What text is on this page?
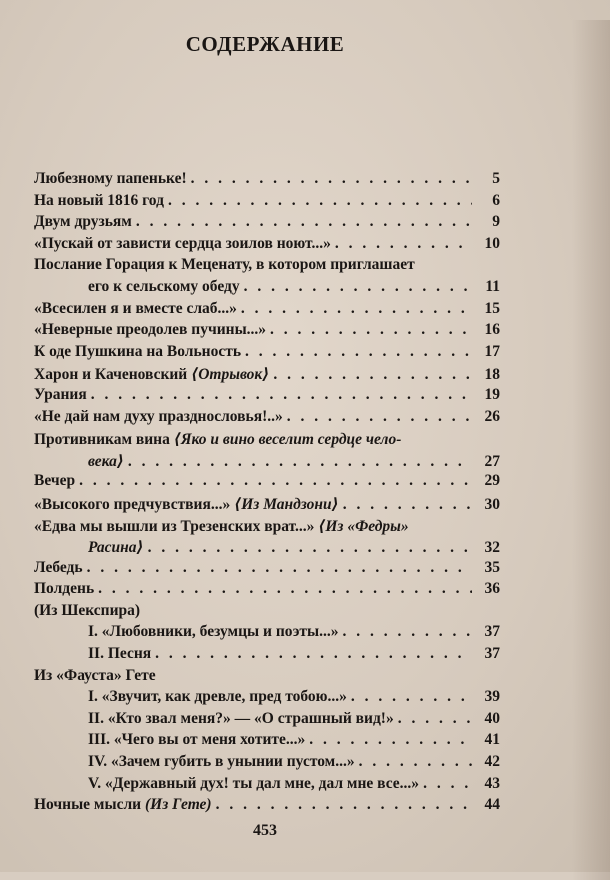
СОДЕРЖАНИЕ
Любезному папеньке! . . .	5
На новый 1816 год . . .	6
Двум друзьям . . .	9
«Пускай от зависти сердца зоилов ноют...» . . .	10
Послание Горация к Меценату, в котором приглашает
его к сельскому обеду . . .	11
«Всесилен я и вместе слаб...» . . .	15
«Неверные преодолев пучины...» . . .	16
К оде Пушкина на Вольность . . .	17
Харон и Каченовский ⟨Отрывок⟩ . . .	18
Урания . . .	19
«Не дай нам духу празднословья!..» . . .	26
Противникам вина ⟨Яко и вино веселит сердце чело-
века⟩ . . .	27
Вечер . . .	29
«Высокого предчувствия...» ⟨Из Мандзони⟩ . . .	30
«Едва мы вышли из Трезенских врат...» ⟨Из «Федры»
Расина⟩ . . .	32
Лебедь . . .	35
Полдень . . .	36
(Из Шекспира)
I. «Любовники, безумцы и поэты...» . . .	37
II. Песня . . .	37
Из «Фауста» Гете
I. «Звучит, как древле, пред тобою...» . . .	39
II. «Кто звал меня?» — «О страшный вид!» . . .	40
III. «Чего вы от меня хотите...» . . .	41
IV. «Зачем губить в унынии пустом...» . . .	42
V. «Державный дух! ты дал мне, дал мне все...» . . .	43
Ночные мысли (Из Гете) . . .	44
453
